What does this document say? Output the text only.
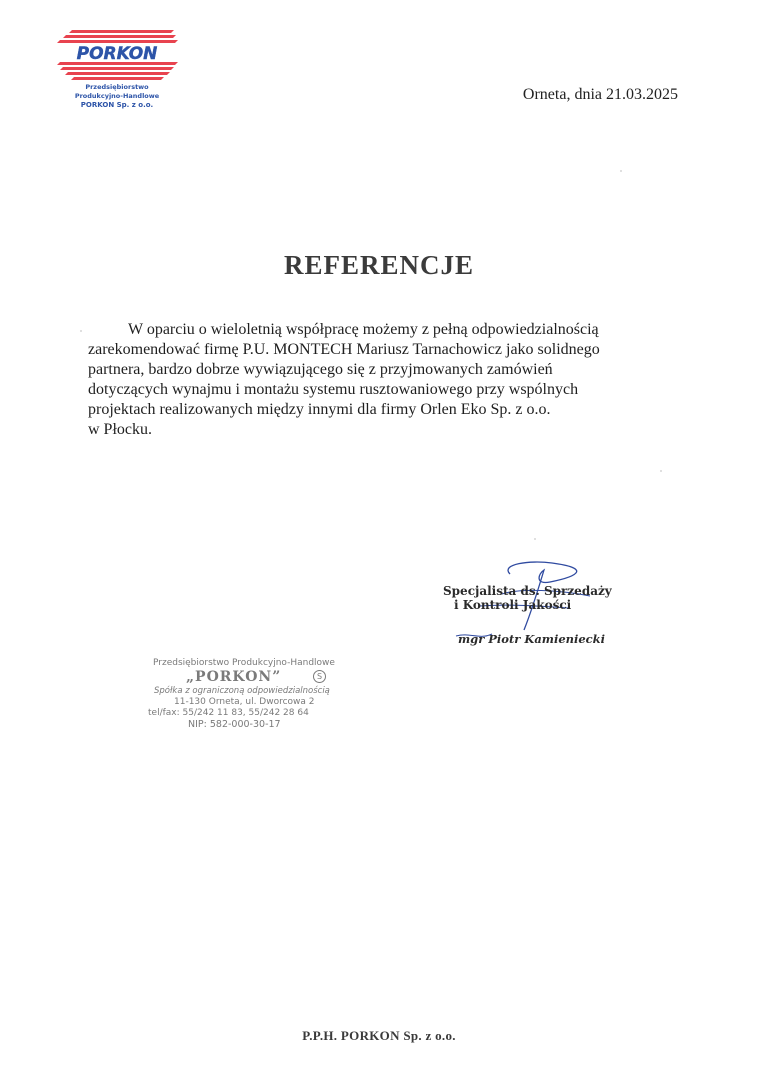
PORKON
Przedsiębiorstwo
Produkcyjno-Handlowe
PORKON Sp. z o.o.
Orneta, dnia 21.03.2025
REFERENCJE
W oparciu o wieloletnią współpracę możemy z pełną odpowiedzialnością
zarekomendować firmę P.U. MONTECH Mariusz Tarnachowicz jako solidnego
partnera, bardzo dobrze wywiązującego się z przyjmowanych zamówień
dotyczących wynajmu i montażu systemu rusztowaniowego przy wspólnych
projektach realizowanych między innymi dla firmy Orlen Eko Sp. z o.o.
w Płocku.
Specjalista ds. Sprzedaży
i Kontroli Jakości
mgr Piotr Kamieniecki
Przedsiębiorstwo Produkcyjno-Handlowe
„PORKON”	S
Spółka z ograniczoną odpowiedzialnością
11-130 Orneta, ul. Dworcowa 2
tel/fax: 55/242 11 83, 55/242 28 64
NIP: 582-000-30-17
P.P.H. PORKON Sp. z o.o.
